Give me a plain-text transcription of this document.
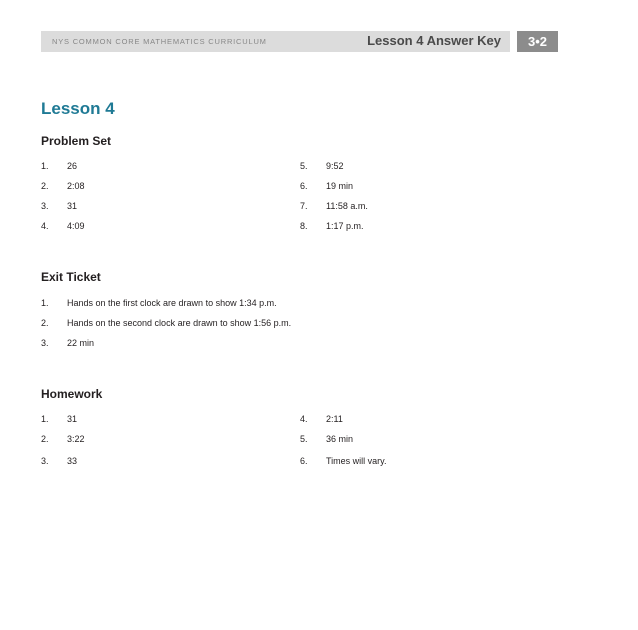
NYS COMMON CORE MATHEMATICS CURRICULUM	Lesson 4 Answer Key	3•2
Lesson 4
Problem Set
1. 26
2. 2:08
3. 31
4. 4:09
5. 9:52
6. 19 min
7. 11:58 a.m.
8. 1:17 p.m.
Exit Ticket
1. Hands on the first clock are drawn to show 1:34 p.m.
2. Hands on the second clock are drawn to show 1:56 p.m.
3. 22 min
Homework
1. 31
2. 3:22
3. 33
4. 2:11
5. 36 min
6. Times will vary.
